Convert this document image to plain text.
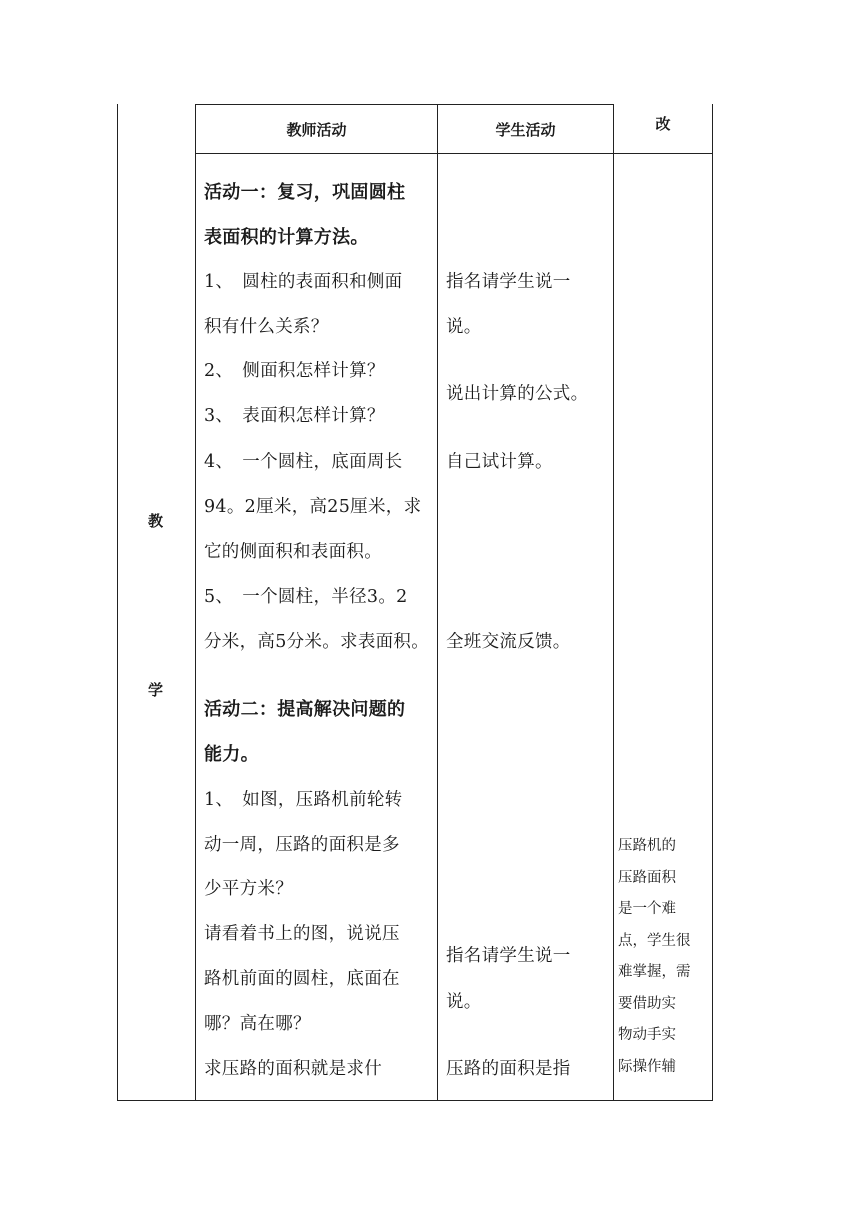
教师活动	学生活动	改
教
学
活动一：复习，巩固圆柱
表面积的计算方法。
1、　圆柱的表面积和侧面
积有什么关系？
2、　侧面积怎样计算？
3、　表面积怎样计算？
4、　一个圆柱，底面周长
94。2厘米，高25厘米，求
它的侧面积和表面积。
5、　一个圆柱，半径3。2
分米，高5分米。求表面积。
活动二：提高解决问题的
能力。
1、　如图，压路机前轮转
动一周，压路的面积是多
少平方米？
请看着书上的图，说说压
路机前面的圆柱，底面在
哪？高在哪？
求压路的面积就是求什
指名请学生说一
说。
说出计算的公式。
自己试计算。
全班交流反馈。
指名请学生说一
说。
压路的面积是指
压路机的
压路面积
是一个难
点，学生很
难掌握，需
要借助实
物动手实
际操作辅
